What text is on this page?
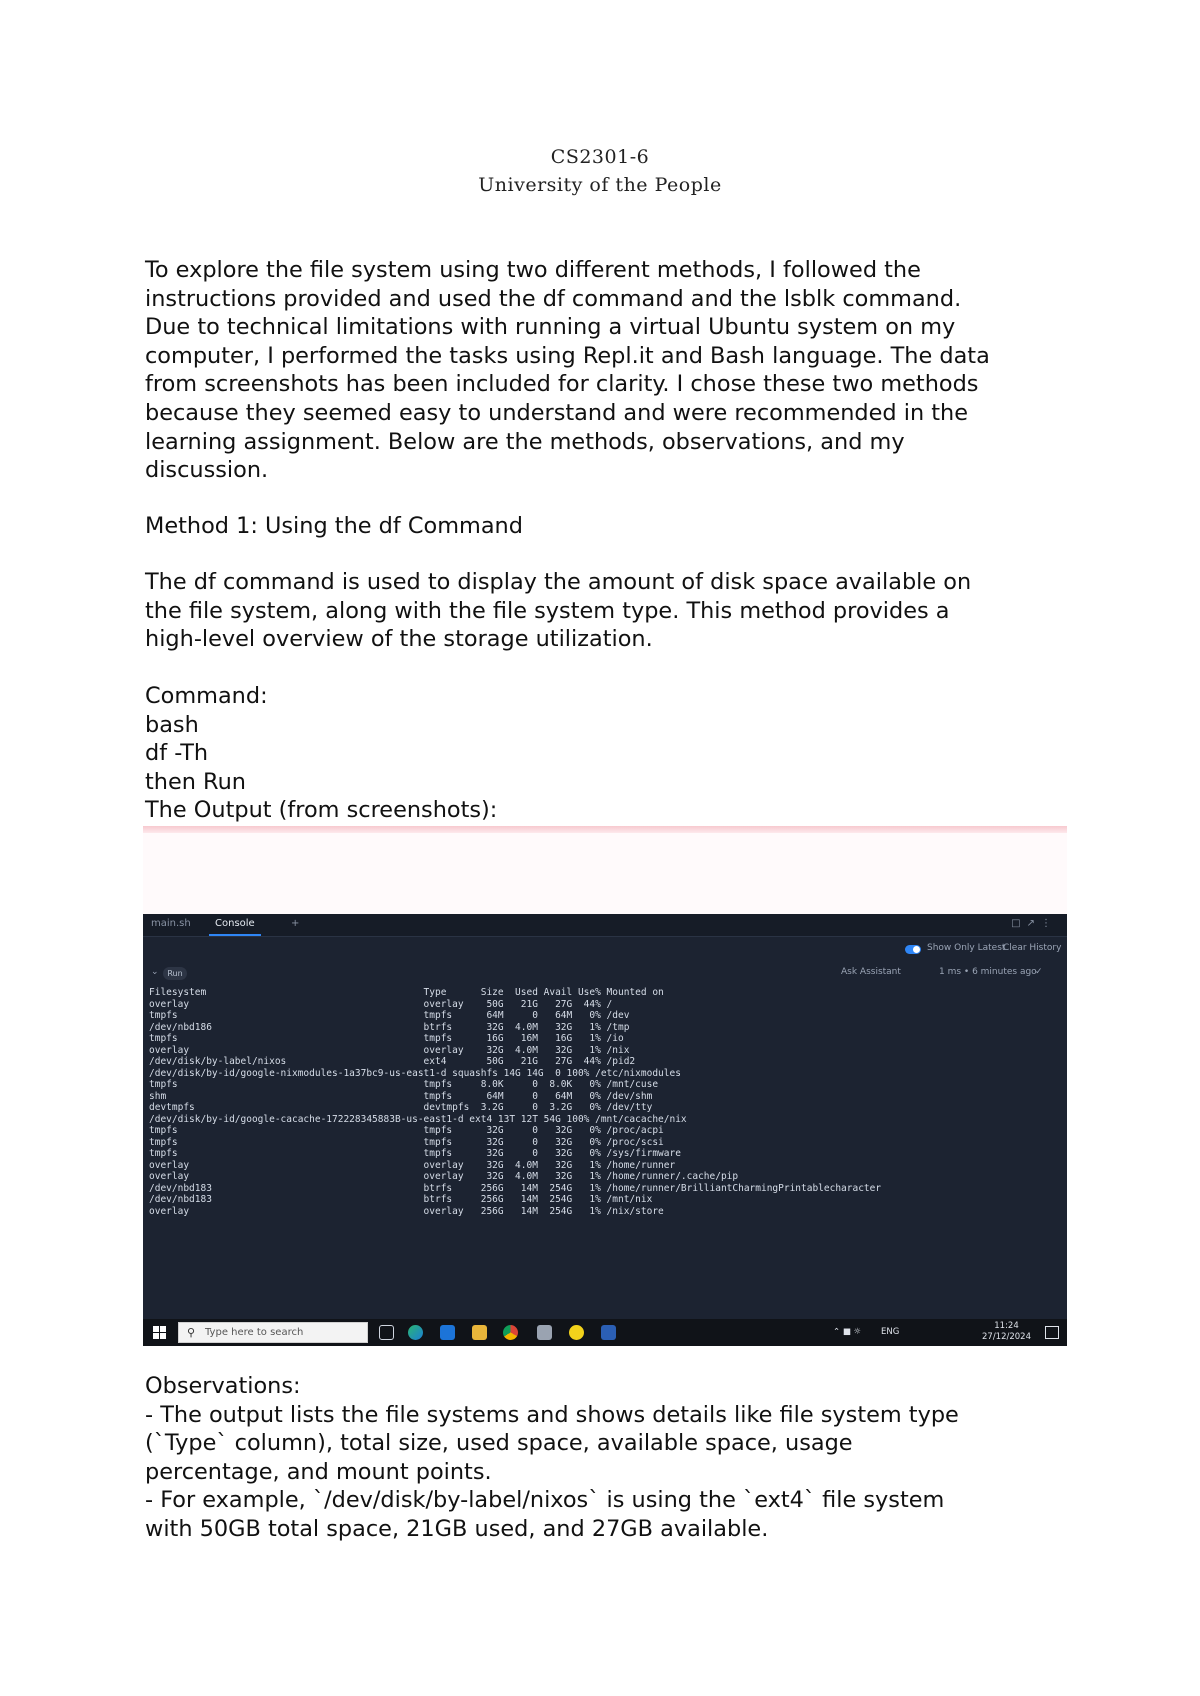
CS2301-6
University of the People
To explore the file system using two different methods, I followed the
instructions provided and used the df command and the lsblk command.
Due to technical limitations with running a virtual Ubuntu system on my
computer, I performed the tasks using Repl.it and Bash language. The data
from screenshots has been included for clarity. I chose these two methods
because they seemed easy to understand and were recommended in the
learning assignment. Below are the methods, observations, and my
discussion.
Method 1: Using the df Command
The df command is used to display the amount of disk space available on
the file system, along with the file system type. This method provides a
high-level overview of the storage utilization.
Command:
bash
df -Th
then Run
The Output (from screenshots):
main.sh Console	+	□↗⋮
Show Only Latest
Clear History
⌄	Run	Ask Assistant	1 ms • 6 minutes ago
✓
Filesystem                                      Type      Size  Used Avail Use% Mounted on
overlay                                         overlay    50G   21G   27G  44% /
tmpfs                                           tmpfs      64M     0   64M   0% /dev
/dev/nbd186                                     btrfs      32G  4.0M   32G   1% /tmp
tmpfs                                           tmpfs      16G   16M   16G   1% /io
overlay                                         overlay    32G  4.0M   32G   1% /nix
/dev/disk/by-label/nixos                        ext4       50G   21G   27G  44% /pid2
/dev/disk/by-id/google-nixmodules-1a37bc9-us-east1-d squashfs 14G 14G  0 100% /etc/nixmodules
tmpfs                                           tmpfs     8.0K     0  8.0K   0% /mnt/cuse
shm                                             tmpfs      64M     0   64M   0% /dev/shm
devtmpfs                                        devtmpfs  3.2G     0  3.2G   0% /dev/tty
/dev/disk/by-id/google-cacache-172228345883B-us-east1-d ext4 13T 12T 54G 100% /mnt/cacache/nix
tmpfs                                           tmpfs      32G     0   32G   0% /proc/acpi
tmpfs                                           tmpfs      32G     0   32G   0% /proc/scsi
tmpfs                                           tmpfs      32G     0   32G   0% /sys/firmware
overlay                                         overlay    32G  4.0M   32G   1% /home/runner
overlay                                         overlay    32G  4.0M   32G   1% /home/runner/.cache/pip
/dev/nbd183                                     btrfs     256G   14M  254G   1% /home/runner/BrilliantCharmingPrintablecharacter
/dev/nbd183                                     btrfs     256G   14M  254G   1% /mnt/nix
overlay                                         overlay   256G   14M  254G   1% /nix/store
⚲ Type here to search	⌃ ■ ☼ ENG
11:24
27/12/2024
Observations:
- The output lists the file systems and shows details like file system type
(`Type` column), total size, used space, available space, usage
percentage, and mount points.
- For example, `/dev/disk/by-label/nixos` is using the `ext4` file system
with 50GB total space, 21GB used, and 27GB available.
